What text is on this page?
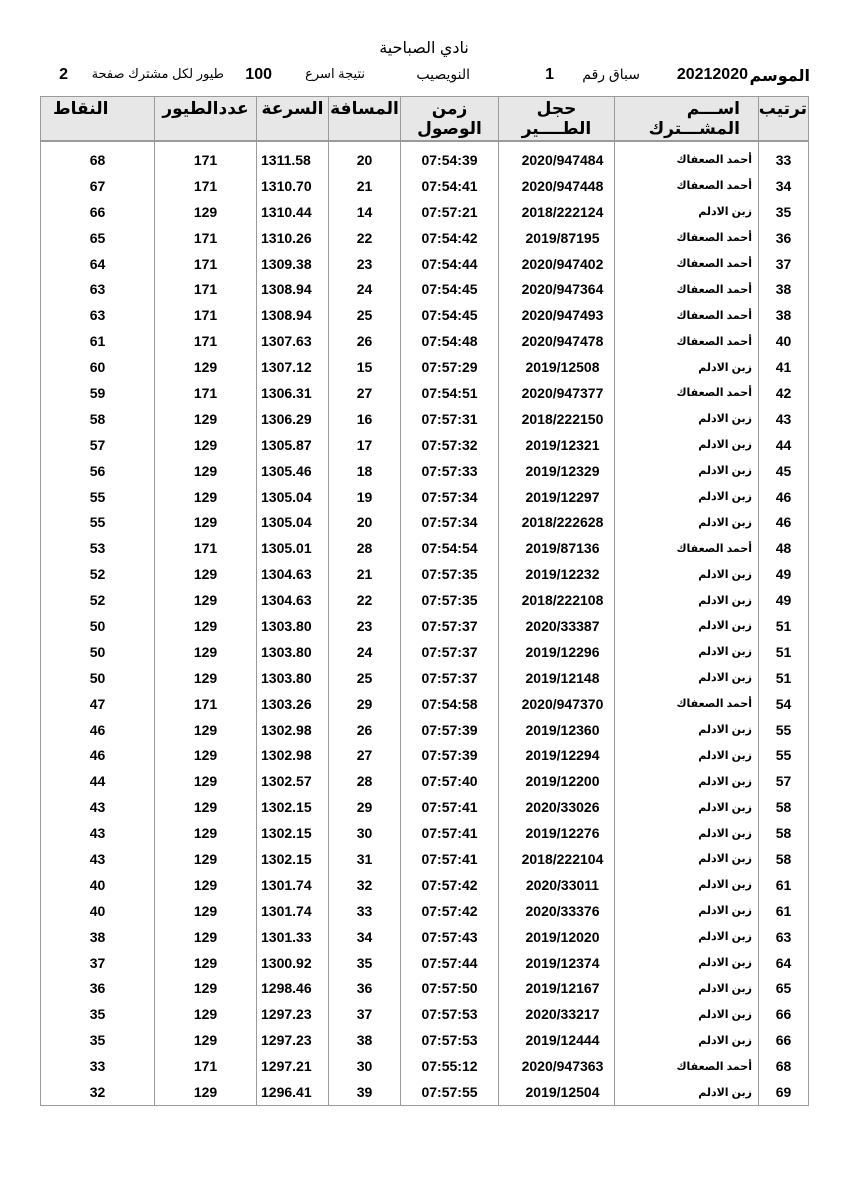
نادي الصباحية
الموسم
20212020
سباق رقم
1
النويصيب
نتيجة اسرع
100
طيور لكل مشترك صفحة
2
ترتيب	اســـم المشـــترك	حجل الطــــير	زمن الوصول	المسافة	السرعة	عددالطيور	النقاط

33	أحمد الصعفاك	2020/947484	07:54:39	20	1311.58	171	68
34	أحمد الصعفاك	2020/947448	07:54:41	21	1310.70	171	67
35	زبن الادلم	2018/222124	07:57:21	14	1310.44	129	66
36	أحمد الصعفاك	2019/87195	07:54:42	22	1310.26	171	65
37	أحمد الصعفاك	2020/947402	07:54:44	23	1309.38	171	64
38	أحمد الصعفاك	2020/947364	07:54:45	24	1308.94	171	63
38	أحمد الصعفاك	2020/947493	07:54:45	25	1308.94	171	63
40	أحمد الصعفاك	2020/947478	07:54:48	26	1307.63	171	61
41	زبن الادلم	2019/12508	07:57:29	15	1307.12	129	60
42	أحمد الصعفاك	2020/947377	07:54:51	27	1306.31	171	59
43	زبن الادلم	2018/222150	07:57:31	16	1306.29	129	58
44	زبن الادلم	2019/12321	07:57:32	17	1305.87	129	57
45	زبن الادلم	2019/12329	07:57:33	18	1305.46	129	56
46	زبن الادلم	2019/12297	07:57:34	19	1305.04	129	55
46	زبن الادلم	2018/222628	07:57:34	20	1305.04	129	55
48	أحمد الصعفاك	2019/87136	07:54:54	28	1305.01	171	53
49	زبن الادلم	2019/12232	07:57:35	21	1304.63	129	52
49	زبن الادلم	2018/222108	07:57:35	22	1304.63	129	52
51	زبن الادلم	2020/33387	07:57:37	23	1303.80	129	50
51	زبن الادلم	2019/12296	07:57:37	24	1303.80	129	50
51	زبن الادلم	2019/12148	07:57:37	25	1303.80	129	50
54	أحمد الصعفاك	2020/947370	07:54:58	29	1303.26	171	47
55	زبن الادلم	2019/12360	07:57:39	26	1302.98	129	46
55	زبن الادلم	2019/12294	07:57:39	27	1302.98	129	46
57	زبن الادلم	2019/12200	07:57:40	28	1302.57	129	44
58	زبن الادلم	2020/33026	07:57:41	29	1302.15	129	43
58	زبن الادلم	2019/12276	07:57:41	30	1302.15	129	43
58	زبن الادلم	2018/222104	07:57:41	31	1302.15	129	43
61	زبن الادلم	2020/33011	07:57:42	32	1301.74	129	40
61	زبن الادلم	2020/33376	07:57:42	33	1301.74	129	40
63	زبن الادلم	2019/12020	07:57:43	34	1301.33	129	38
64	زبن الادلم	2019/12374	07:57:44	35	1300.92	129	37
65	زبن الادلم	2019/12167	07:57:50	36	1298.46	129	36
66	زبن الادلم	2020/33217	07:57:53	37	1297.23	129	35
66	زبن الادلم	2019/12444	07:57:53	38	1297.23	129	35
68	أحمد الصعفاك	2020/947363	07:55:12	30	1297.21	171	33
69	زبن الادلم	2019/12504	07:57:55	39	1296.41	129	32
